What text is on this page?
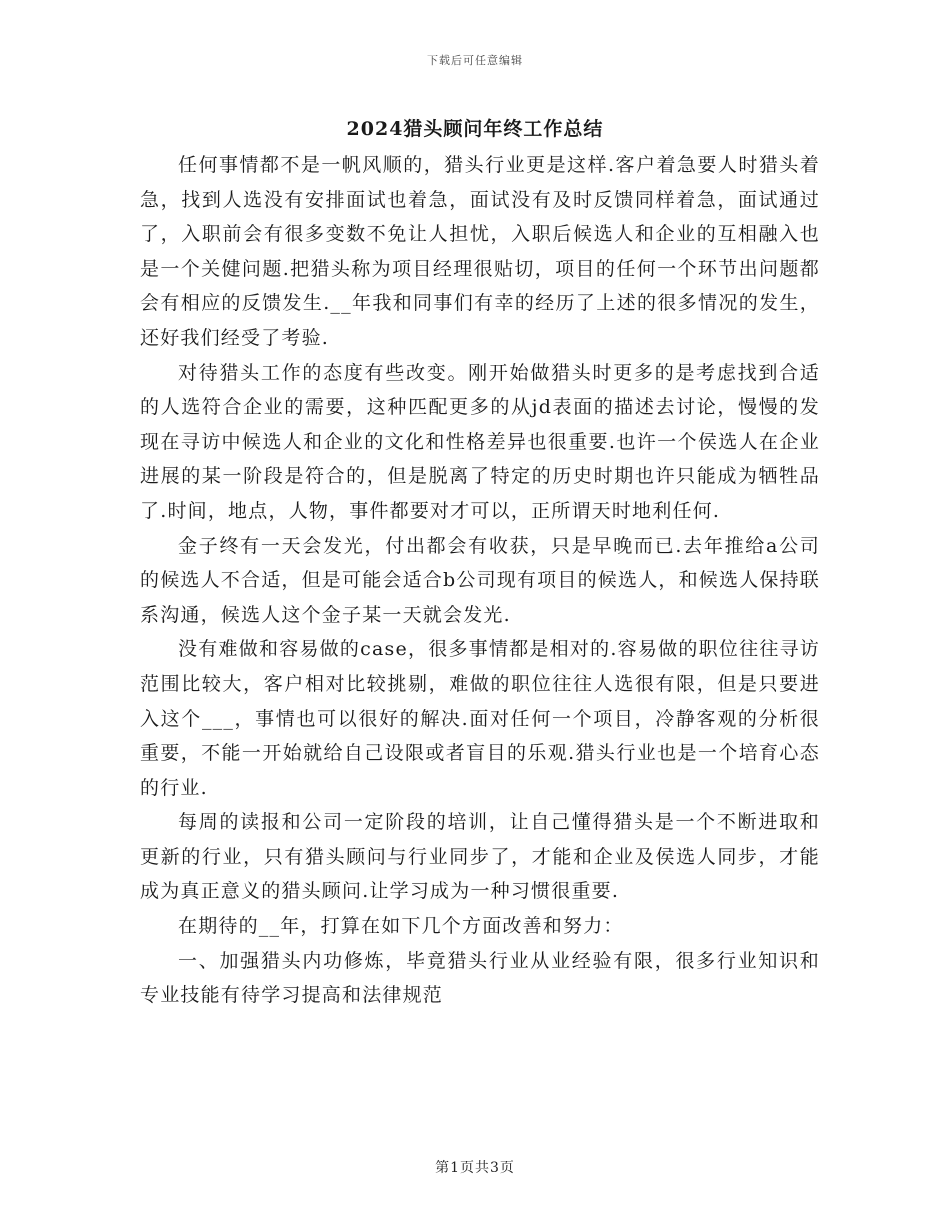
下载后可任意编辑
2024猎头顾问年终工作总结

任何事情都不是一帆风顺的，猎头行业更是这样.客户着急要人时猎头着急，找到人选没有安排面试也着急，面试没有及时反馈同样着急，面试通过了，入职前会有很多变数不免让人担忧，入职后候选人和企业的互相融入也是一个关健问题.把猎头称为项目经理很贴切，项目的任何一个环节出问题都会有相应的反馈发生.__年我和同事们有幸的经历了上述的很多情况的发生，还好我们经受了考验.

对待猎头工作的态度有些改变。刚开始做猎头时更多的是考虑找到合适的人选符合企业的需要，这种匹配更多的从jd表面的描述去讨论，慢慢的发现在寻访中候选人和企业的文化和性格差异也很重要.也许一个侯选人在企业进展的某一阶段是符合的，但是脱离了特定的历史时期也许只能成为牺牲品了.时间，地点，人物，事件都要对才可以，正所谓天时地利任何.

金子终有一天会发光，付出都会有收获，只是早晚而已.去年推给a公司的候选人不合适，但是可能会适合b公司现有项目的候选人，和候选人保持联系沟通，候选人这个金子某一天就会发光.

没有难做和容易做的case，很多事情都是相对的.容易做的职位往往寻访范围比较大，客户相对比较挑剔，难做的职位往往人选很有限，但是只要进入这个___，事情也可以很好的解决.面对任何一个项目，冷静客观的分析很重要，不能一开始就给自己设限或者盲目的乐观.猎头行业也是一个培育心态的行业.

每周的读报和公司一定阶段的培训，让自己懂得猎头是一个不断进取和更新的行业，只有猎头顾问与行业同步了，才能和企业及侯选人同步，才能成为真正意义的猎头顾问.让学习成为一种习惯很重要.

在期待的__年，打算在如下几个方面改善和努力：

一、加强猎头内功修炼，毕竟猎头行业从业经验有限，很多行业知识和专业技能有待学习提高和法律规范

第1页共3页
